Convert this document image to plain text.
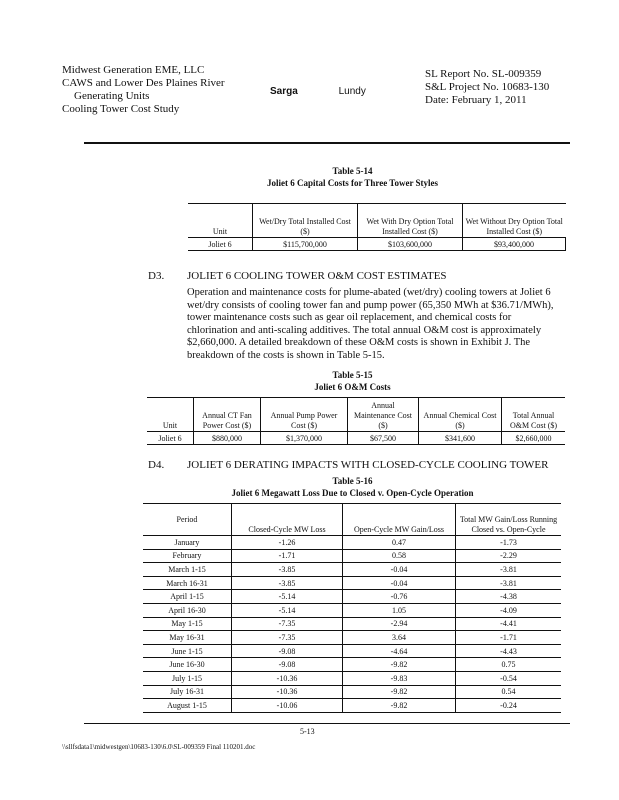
Midwest Generation EME, LLC
CAWS and Lower Des Plaines River
Generating Units
Cooling Tower Cost Study
Sarga	Lundy
SL Report No. SL-009359
S&L Project No. 10683-130
Date: February 1, 2011
Table 5-14
Joliet 6 Capital Costs for Three Tower Styles
Unit	Wet/Dry Total Installed Cost ($)	Wet With Dry Option Total Installed Cost ($)	Wet Without Dry Option Total Installed Cost ($)
Joliet 6	$115,700,000	$103,600,000	$93,400,000
D3. JOLIET 6 COOLING TOWER O&M COST ESTIMATES
Operation and maintenance costs for plume-abated (wet/dry) cooling towers at Joliet 6 wet/dry consists of cooling tower fan and pump power (65,350 MWh at $36.71/MWh), tower maintenance costs such as gear oil replacement, and chemical costs for chlorination and anti-scaling additives. The total annual O&M cost is approximately $2,660,000. A detailed breakdown of these O&M costs is shown in Exhibit J. The breakdown of the costs is shown in Table 5-15.
Table 5-15
Joliet 6 O&M Costs
Unit	Annual CT Fan Power Cost ($)	Annual Pump Power Cost ($)	Annual Maintenance Cost ($)	Annual Chemical Cost ($)	Total Annual O&M Cost ($)
Joliet 6	$880,000	$1,370,000	$67,500	$341,600	$2,660,000
D4. JOLIET 6 DERATING IMPACTS WITH CLOSED-CYCLE COOLING TOWER
Table 5-16
Joliet 6 Megawatt Loss Due to Closed v. Open-Cycle Operation
Period	Closed-Cycle MW Loss	Open-Cycle MW Gain/Loss	Total MW Gain/Loss Running Closed vs. Open-Cycle
January	-1.26	0.47	-1.73
February	-1.71	0.58	-2.29
March 1-15	-3.85	-0.04	-3.81
March 16-31	-3.85	-0.04	-3.81
April 1-15	-5.14	-0.76	-4.38
April 16-30	-5.14	1.05	-4.09
May 1-15	-7.35	-2.94	-4.41
May 16-31	-7.35	3.64	-1.71
June 1-15	-9.08	-4.64	-4.43
June 16-30	-9.08	-9.82	0.75
July 1-15	-10.36	-9.83	-0.54
July 16-31	-10.36	-9.82	0.54
August 1-15	-10.06	-9.82	-0.24
5-13
\\sllfsdata1\midwestgen\10683-130\6.0\SL-009359 Final 110201.doc
